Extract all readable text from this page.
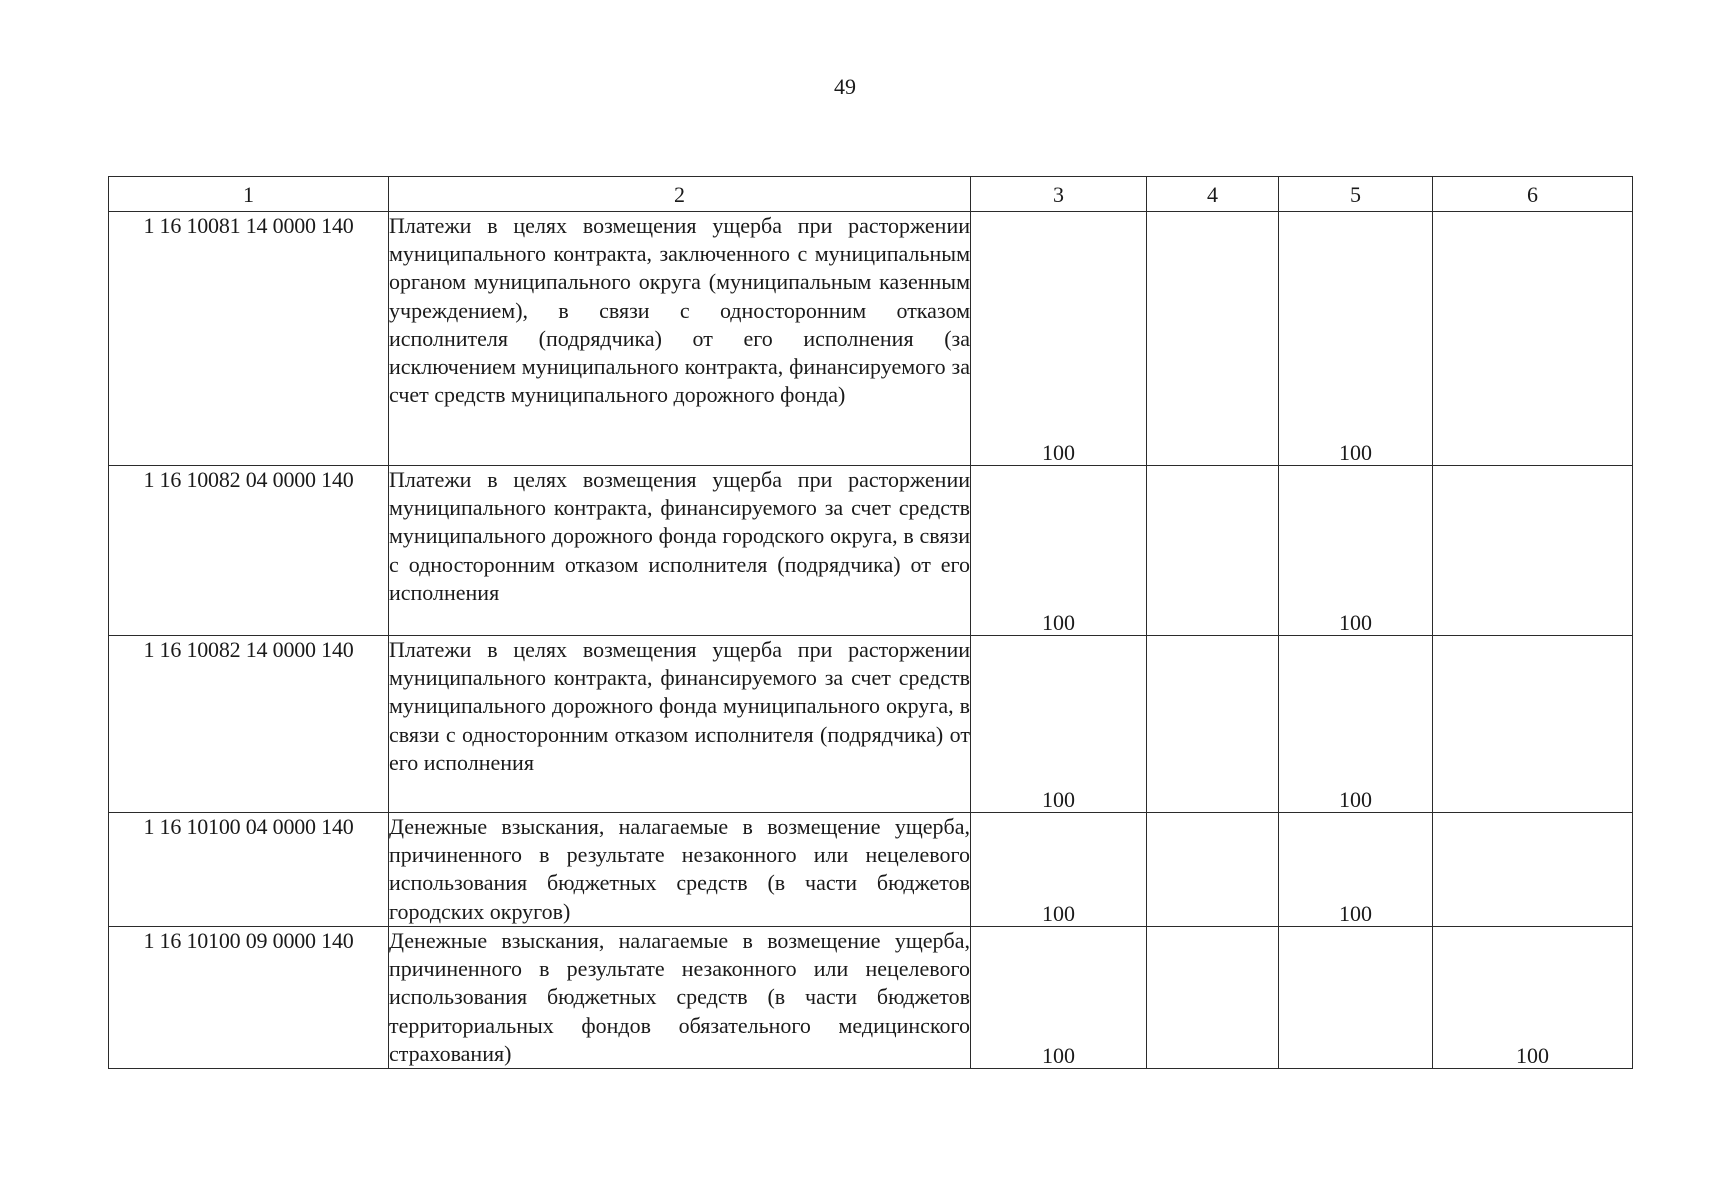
49
1	2	3	4	5	6
1 16 10081 14 0000 140	Платежи в целях возмещения ущерба при расторжении муниципального контракта, заключенного с муниципальным органом муниципального округа (муниципальным казенным учреждением), в связи с односторонним отказом исполнителя (подрядчика) от его исполнения (за исключением муниципального контракта, финансируемого за счет средств муниципального дорожного фонда)	100		100	
1 16 10082 04 0000 140	Платежи в целях возмещения ущерба при расторжении муниципального контракта, финансируемого за счет средств муниципального дорожного фонда городского округа, в связи с односторонним отказом исполнителя (подрядчика) от его исполнения	100		100	
1 16 10082 14 0000 140	Платежи в целях возмещения ущерба при расторжении муниципального контракта, финансируемого за счет средств муниципального дорожного фонда муниципального округа, в связи с односторонним отказом исполнителя (подрядчика) от его исполнения	100		100	
1 16 10100 04 0000 140	Денежные взыскания, налагаемые в возмещение ущерба, причиненного в результате незаконного или нецелевого использования бюджетных средств (в части бюджетов городских округов)	100		100	
1 16 10100 09 0000 140	Денежные взыскания, налагаемые в возмещение ущерба, причиненного в результате незаконного или нецелевого использования бюджетных средств (в части бюджетов территориальных фондов обязательного медицинского страхования)	100			100
